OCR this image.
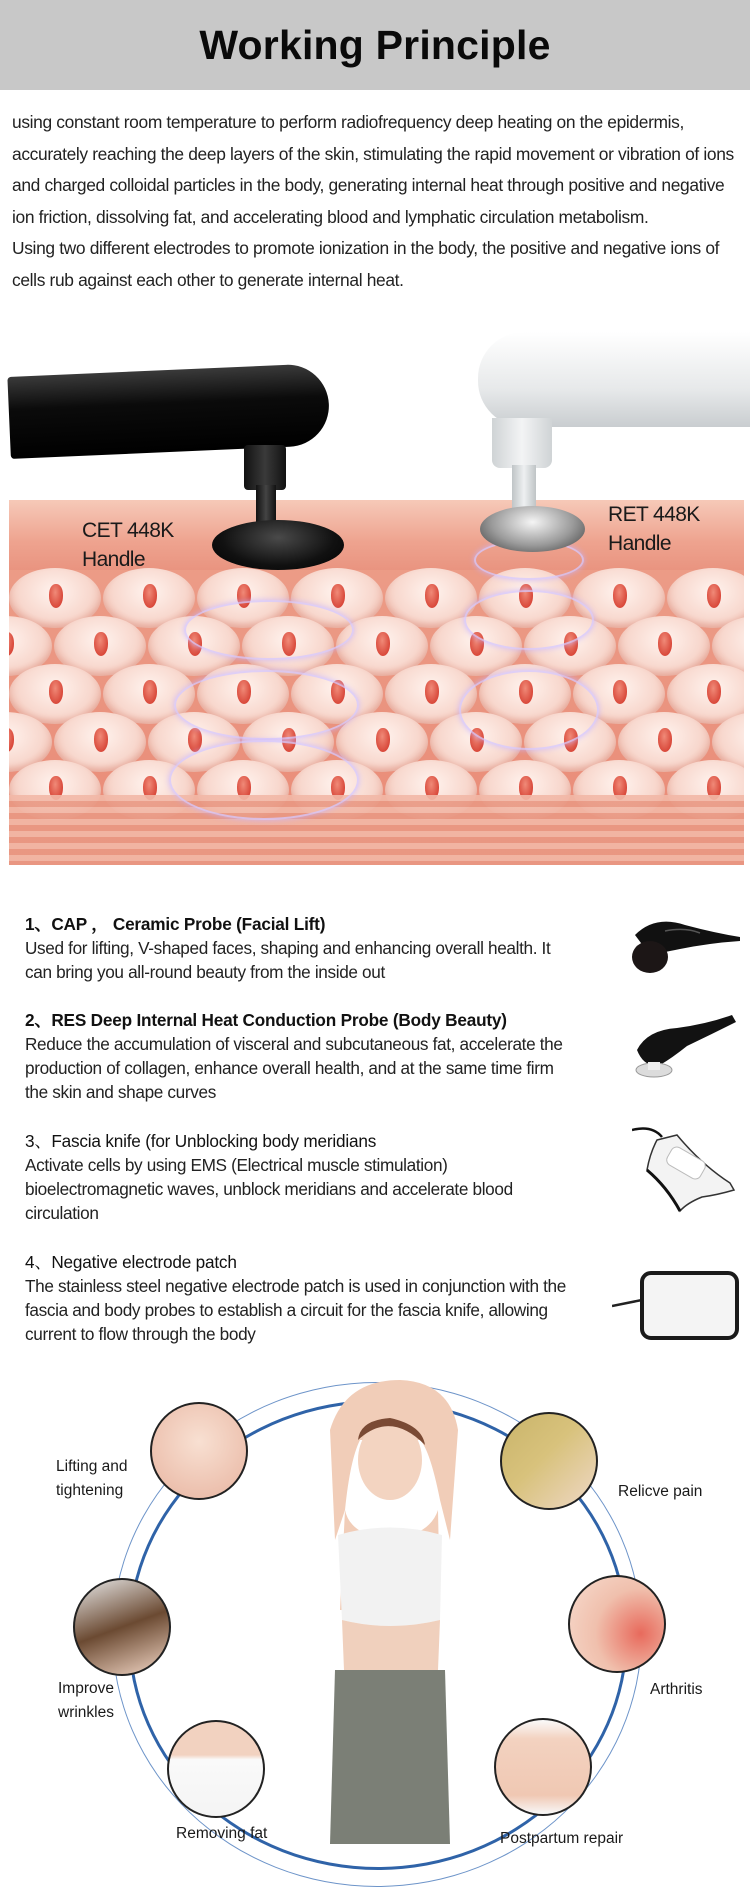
Working Principle

using constant room temperature to perform radiofrequency deep heating on the epidermis, accurately reaching the deep layers of the skin, stimulating the rapid movement or vibration of ions and charged colloidal particles in the body, generating internal heat through positive and negative ion friction, dissolving fat, and accelerating blood and lymphatic circulation metabolism.

Using two different electrodes to promote ionization in the body, the positive and negative ions of cells rub against each other to generate internal heat.

CET 448K
Handle
RET 448K
Handle
1、CAP ， Ceramic Probe (Facial Lift)

Used for lifting, V-shaped faces, shaping and enhancing overall health. It can bring you all-round beauty from the inside out

2、RES Deep Internal Heat Conduction Probe (Body Beauty)

Reduce the accumulation of visceral and subcutaneous fat, accelerate the production of collagen, enhance overall health, and at the same time firm the skin and shape curves

3、Fascia knife (for Unblocking body meridians

Activate cells by using EMS (Electrical muscle stimulation) bioelectromagnetic waves, unblock meridians and accelerate blood circulation

4、Negative electrode patch

The stainless steel negative electrode patch is used in conjunction with the fascia and body probes to establish a circuit for the fascia knife, allowing current to flow through the body

Lifting and
tightening	Relicve pain
Improve
wrinkles
Arthritis
Removing fat	Postpartum repair
